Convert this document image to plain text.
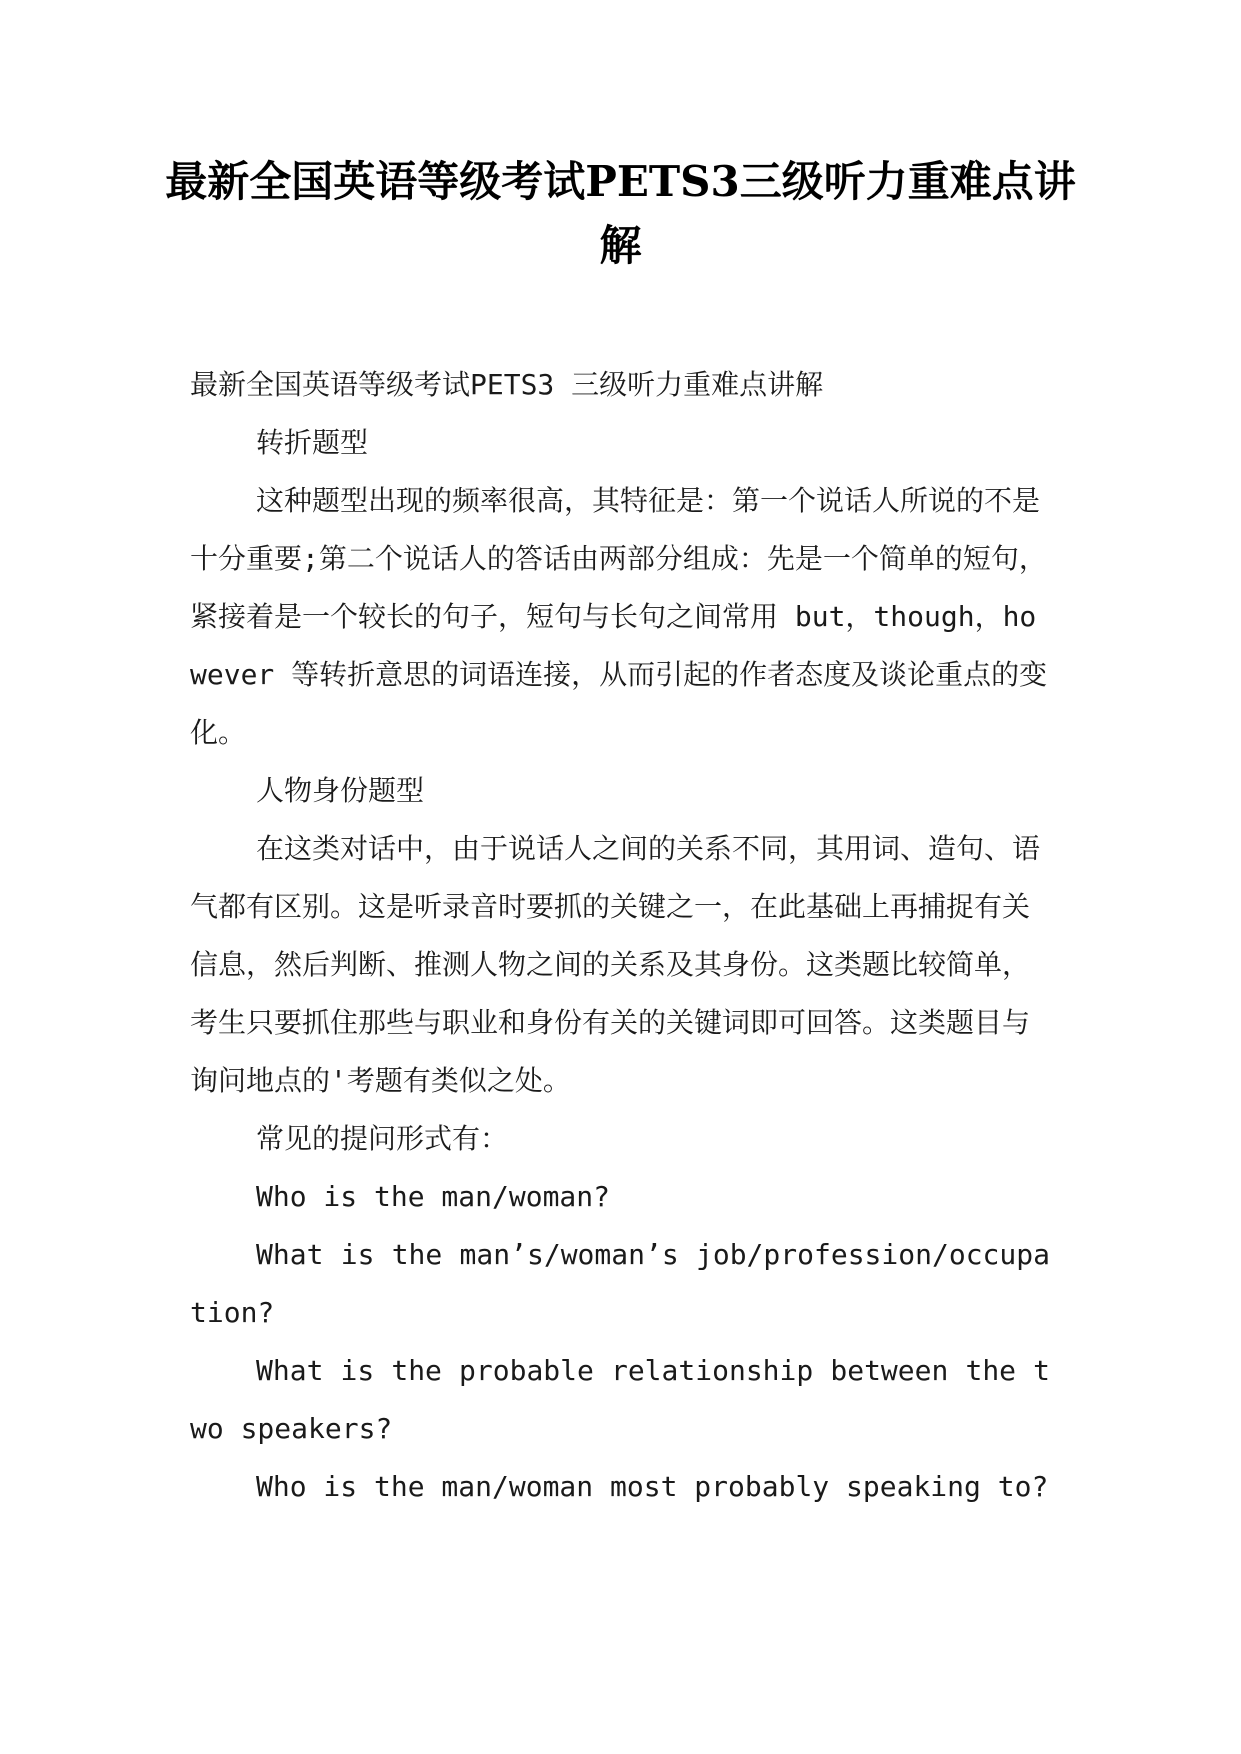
最新全国英语等级考试PETS3三级听力重难点讲解

最新全国英语等级考试PETS3 三级听力重难点讲解

转折题型

这种题型出现的频率很高，其特征是：第一个说话人所说的不是十分重要;第二个说话人的答话由两部分组成：先是一个简单的短句，紧接着是一个较长的句子，短句与长句之间常用 but，though，however 等转折意思的词语连接，从而引起的作者态度及谈论重点的变化。

人物身份题型

在这类对话中，由于说话人之间的关系不同，其用词、造句、语气都有区别。这是听录音时要抓的关键之一，在此基础上再捕捉有关信息，然后判断、推测人物之间的关系及其身份。这类题比较简单，考生只要抓住那些与职业和身份有关的关键词即可回答。这类题目与询问地点的'考题有类似之处。

常见的提问形式有：

Who is the man/woman?

What is the man’s/woman’s job/profession/occupation?

What is the probable relationship between the two speakers?

Who is the man/woman most probably speaking to?
